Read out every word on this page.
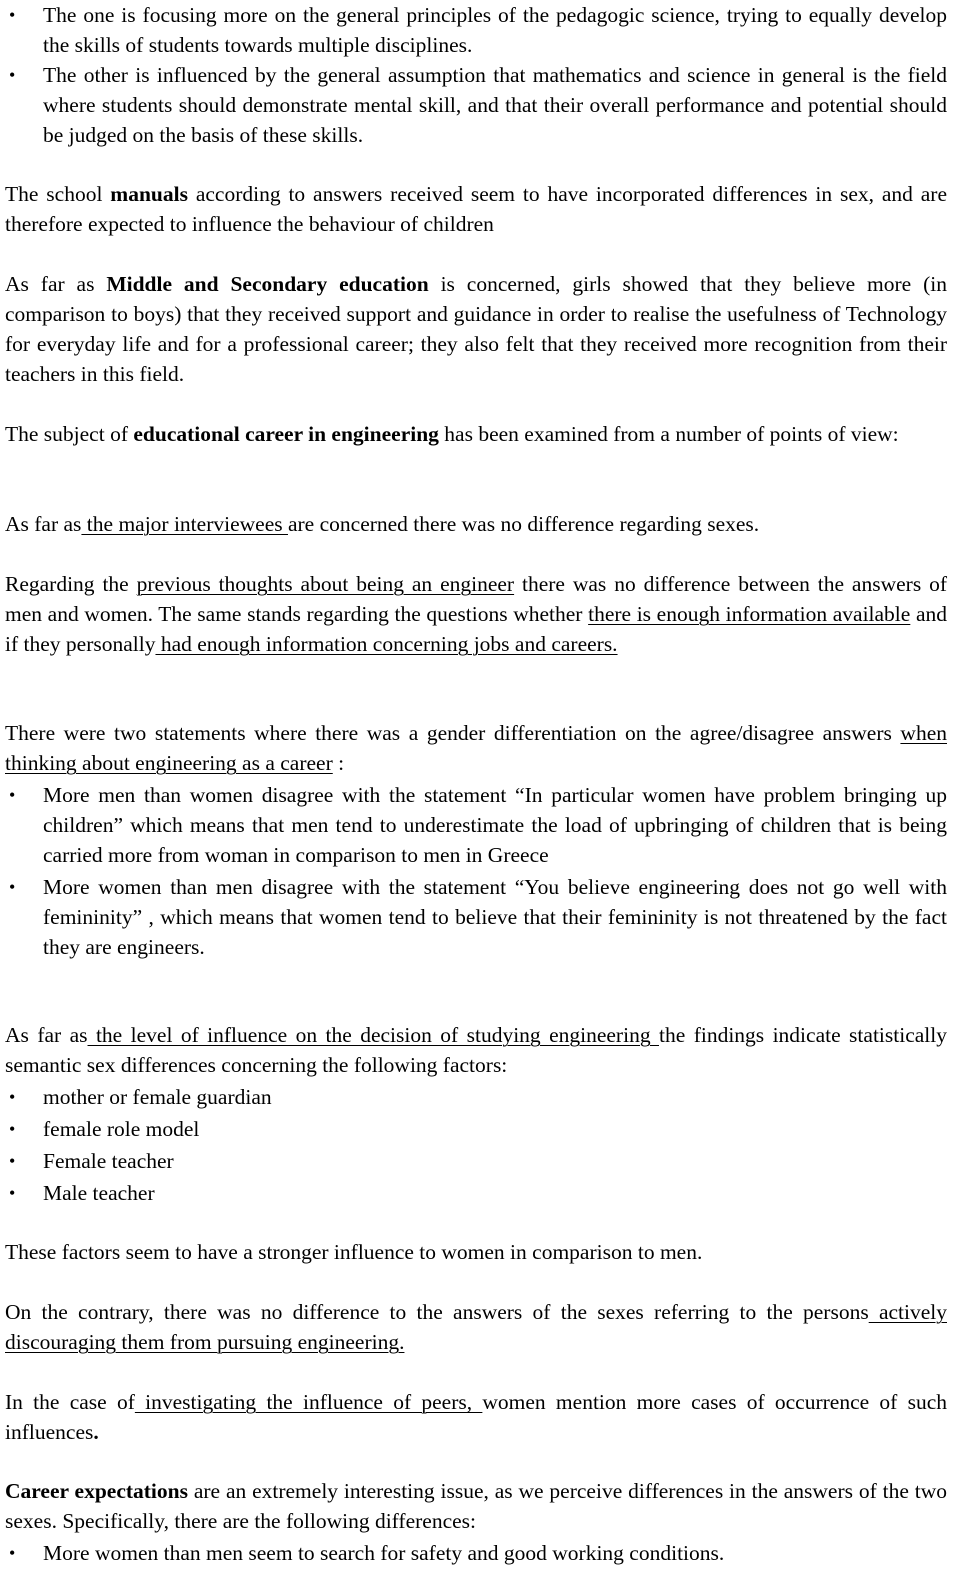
• The one is focusing more on the general principles of the pedagogic science, trying to equally develop the skills of students towards multiple disciplines.

• The other is influenced by the general assumption that mathematics and science in general is the field where students should demonstrate mental skill, and that their overall performance and potential should be judged on the basis of these skills.

The school manuals according to answers received seem to have incorporated differences in sex, and are therefore expected to influence the behaviour of children

As far as Middle and Secondary education is concerned, girls showed that they believe more (in comparison to boys) that they received support and guidance in order to realise the usefulness of Technology for everyday life and for a professional career; they also felt that they received more recognition from their teachers in this field.

The subject of educational career in engineering has been examined from a number of points of view:

As far as the major interviewees are concerned there was no difference regarding sexes.

Regarding the previous thoughts about being an engineer there was no difference between the answers of men and women. The same stands regarding the questions whether there is enough information available and if they personally had enough information concerning jobs and careers.

There were two statements where there was a gender differentiation on the agree/disagree answers when thinking about engineering as a career :

• More men than women disagree with the statement “In particular women have problem bringing up children” which means that men tend to underestimate the load of upbringing of children that is being carried more from woman in comparison to men in Greece

• More women than men disagree with the statement “You believe engineering does not go well with femininity” , which means that women tend to believe that their femininity is not threatened by the fact they are engineers.

As far as the level of influence on the decision of studying engineering the findings indicate statistically semantic sex differences concerning the following factors:

• mother or female guardian

• female role model

• Female teacher

• Male teacher

These factors seem to have a stronger influence to women in comparison to men.

On the contrary, there was no difference to the answers of the sexes referring to the persons actively discouraging them from pursuing engineering.

In the case of investigating the influence of peers, women mention more cases of occurrence of such influences.

Career expectations are an extremely interesting issue, as we perceive differences in the answers of the two sexes. Specifically, there are the following differences:

• More women than men seem to search for safety and good working conditions.
